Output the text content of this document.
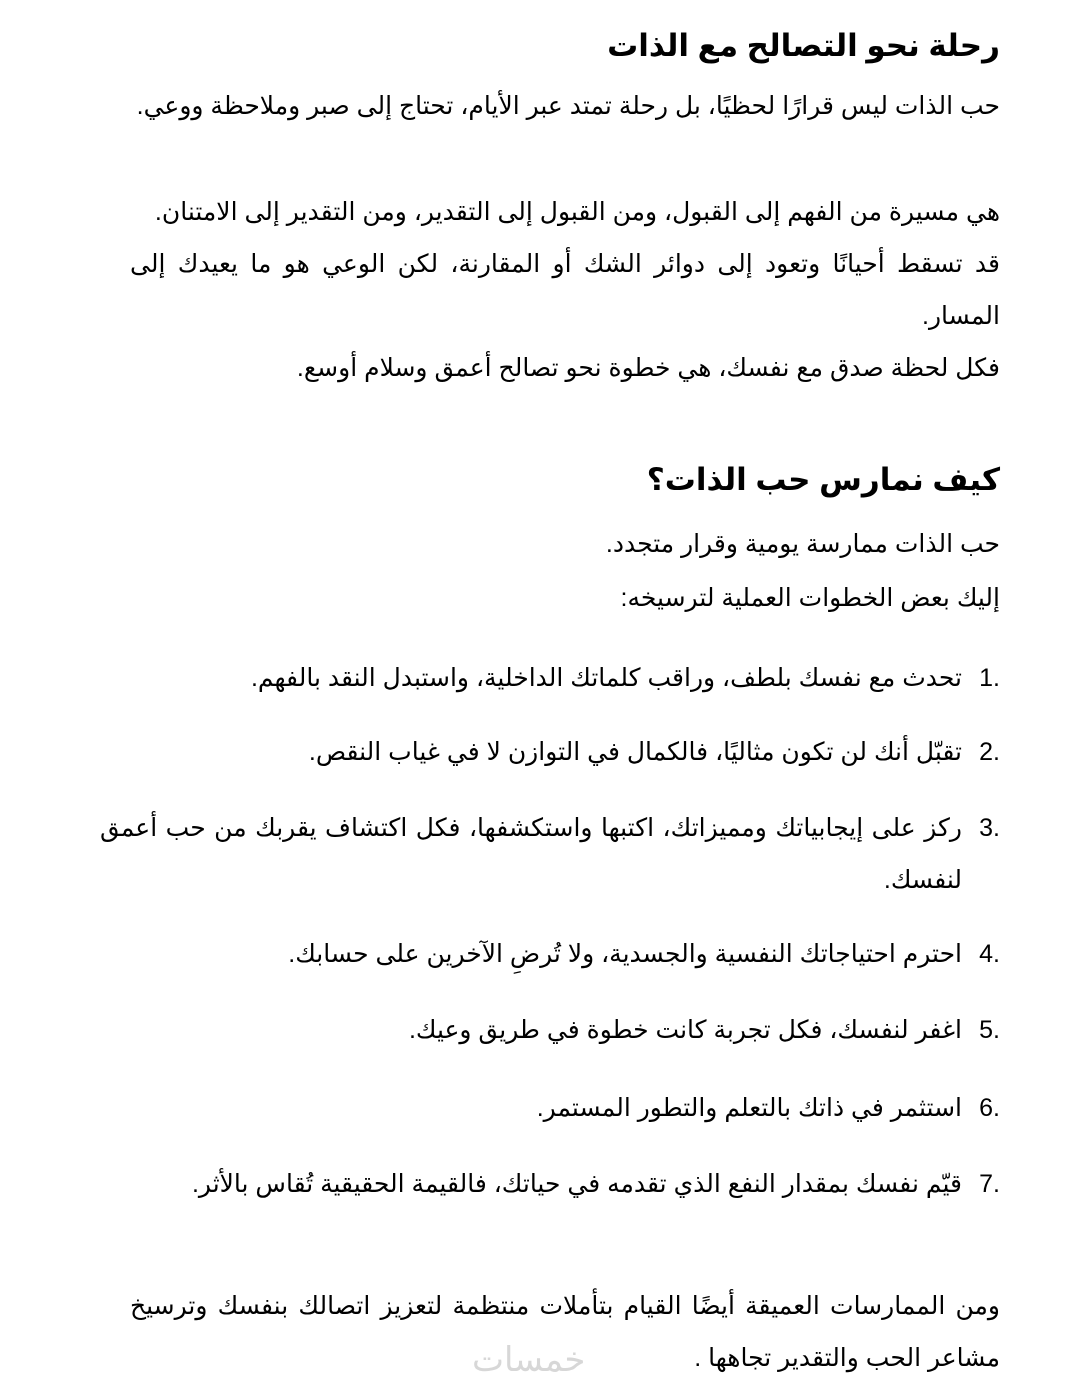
رحلة نحو التصالح مع الذات

حب الذات ليس قرارًا لحظيًا، بل رحلة تمتد عبر الأيام، تحتاج إلى صبر وملاحظة ووعي.

هي مسيرة من الفهم إلى القبول، ومن القبول إلى التقدير، ومن التقدير إلى الامتنان.

قد تسقط أحيانًا وتعود إلى دوائر الشك أو المقارنة، لكن الوعي هو ما يعيدك إلى المسار.

فكل لحظة صدق مع نفسك، هي خطوة نحو تصالح أعمق وسلام أوسع.

كيف نمارس حب الذات؟

حب الذات ممارسة يومية وقرار متجدد.

إليك بعض الخطوات العملية لترسيخه:

1.
تحدث مع نفسك بلطف، وراقب كلماتك الداخلية، واستبدل النقد بالفهم.
2.
تقبّل أنك لن تكون مثاليًا، فالكمال في التوازن لا في غياب النقص.
3.
ركز على إيجابياتك ومميزاتك، اكتبها واستكشفها، فكل اكتشاف يقربك من حب أعمق لنفسك.
4.
احترم احتياجاتك النفسية والجسدية، ولا تُرضِ الآخرين على حسابك.
5.
اغفر لنفسك، فكل تجربة كانت خطوة في طريق وعيك.
6.
استثمر في ذاتك بالتعلم والتطور المستمر.
7.
قيّم نفسك بمقدار النفع الذي تقدمه في حياتك، فالقيمة الحقيقية تُقاس بالأثر.

ومن الممارسات العميقة أيضًا القيام بتأملات منتظمة لتعزيز اتصالك بنفسك وترسيخ مشاعر الحب والتقدير تجاهها .

خمسات
